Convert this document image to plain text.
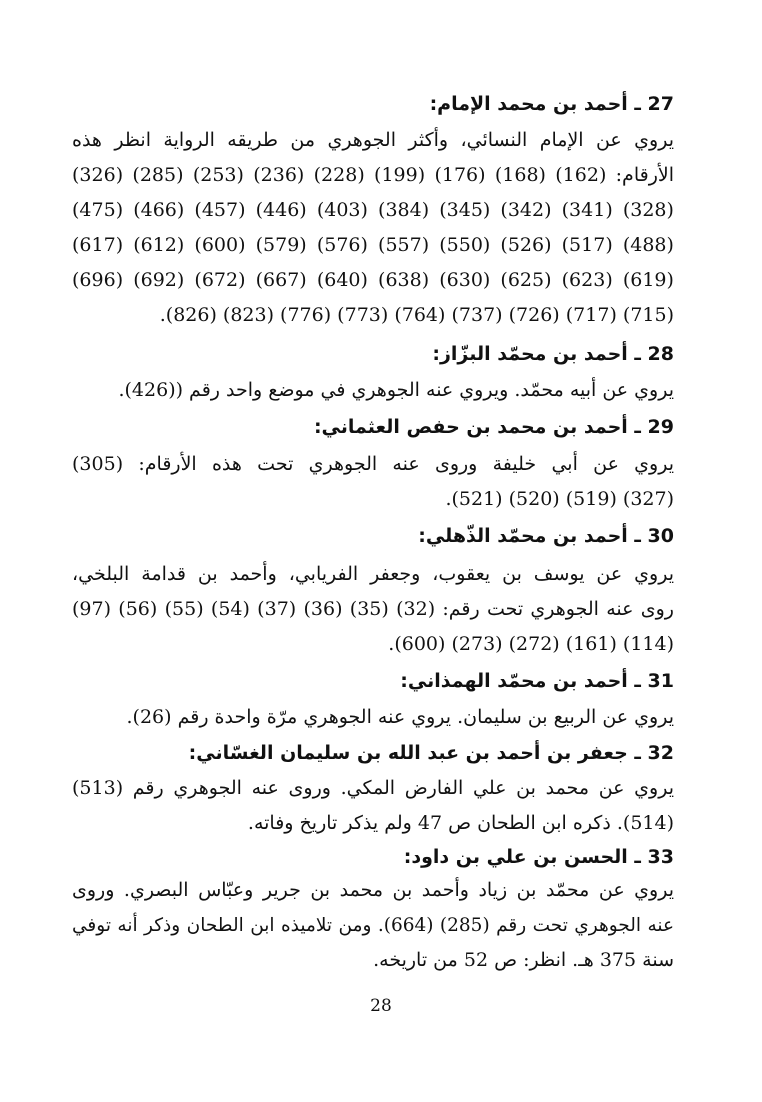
27 ـ أحمد بن محمد الإمام:
يروي عن الإمام النسائي، وأكثر الجوهري من طريقه الرواية انظر هذه
الأرقام: (162) (168) (176) (199) (228) (236) (253) (285) (326)
(328) (341) (342) (345) (384) (403) (446) (457) (466) (475)
(488) (517) (526) (550) (557) (576) (579) (600) (612) (617)
(619) (623) (625) (630) (638) (640) (667) (672) (692) (696)
(715) (717) (726) (737) (764) (773) (776) (823) (826).
28 ـ أحمد بن محمّد البزّاز:
يروي عن أبيه محمّد. ويروي عنه الجوهري في موضع واحد رقم ((426).
29 ـ أحمد بن محمد بن حفص العثماني:
يروي عن أبي خليفة وروى عنه الجوهري تحت هذه الأرقام: (305)
(327) (519) (520) (521).
30 ـ أحمد بن محمّد الذّهلي:
يروي عن يوسف بن يعقوب، وجعفر الفريابي، وأحمد بن قدامة البلخي،
روى عنه الجوهري تحت رقم: (32) (35) (36) (37) (54) (55) (56) (97)
(114) (161) (272) (273) (600).
31 ـ أحمد بن محمّد الهمذاني:
يروي عن الربيع بن سليمان. يروي عنه الجوهري مرّة واحدة رقم (26).
32 ـ جعفر بن أحمد بن عبد الله بن سليمان الغسّاني:
يروي عن محمد بن علي الفارض المكي. وروى عنه الجوهري رقم (513)
(514). ذكره ابن الطحان ص 47 ولم يذكر تاريخ وفاته.
33 ـ الحسن بن علي بن داود:
يروي عن محمّد بن زياد وأحمد بن محمد بن جرير وعبّاس البصري. وروى
عنه الجوهري تحت رقم (285) (664). ومن تلاميذه ابن الطحان وذكر أنه توفي
سنة 375 هـ. انظر: ص 52 من تاريخه.
28
